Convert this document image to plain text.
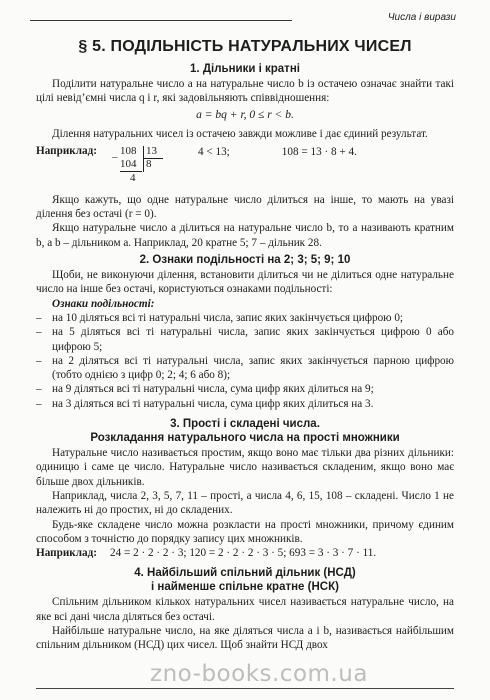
Числа і вирази
§ 5. ПОДІЛЬНІСТЬ НАТУРАЛЬНИХ ЧИСЕЛ
1. Дільники і кратні

Поділити натуральне число a на натуральне число b із остачею означає знайти такі цілі невід’ємні числа q і r, які задовільняють співвідношення:

a = bq + r, 0 ≤ r < b.

Ділення натуральних чисел із остачею завжди можливе і дає єдиний результат.

Наприклад:	– 108 13
104 8
4
4 < 13;	108 = 13 · 8 + 4.

Якщо кажуть, що одне натуральне число ділиться на інше, то мають на увазі ділення без остачі (r = 0).

Якщо натуральне число a ділиться на натуральне число b, то a називають кратним b, а b – дільником a. Наприклад, 20 кратне 5; 7 – дільник 28.

2. Ознаки подільності на 2; 3; 5; 9; 10

Щоби, не виконуючи ділення, встановити ділиться чи не ділиться одне натуральне число на інше без остачі, користуються ознаками подільності:

Ознаки подільності:
– на 10 діляться всі ті натуральні числа, запис яких закінчується цифрою 0;
– на 5 діляться всі ті натуральні числа, запис яких закінчується цифрою 0 або цифрою 5;
– на 2 діляться всі ті натуральні числа, запис яких закінчується парною цифрою (тобто однією з цифр 0; 2; 4; 6 або 8);
– на 9 діляться всі ті натуральні числа, сума цифр яких ділиться на 9;
– на 3 діляться всі ті натуральні числа, сума цифр яких ділиться на 3.
3. Прості і складені числа.
Розкладання натурального числа на прості множники

Натуральне число називається простим, якщо воно має тільки два різних дільники: одиницю і саме це число. Натуральне число називається складеним, якщо воно має більше двох дільників.

Наприклад, числа 2, 3, 5, 7, 11 – прості, а числа 4, 6, 15, 108 – складені. Число 1 не належить ні до простих, ні до складених.

Будь-яке складене число можна розкласти на прості множники, причому єдиним способом з точністю до порядку запису цих множників.

Наприклад:	24 = 2 · 2 · 2 · 3; 120 = 2 · 2 · 2 · 3 · 5; 693 = 3 · 3 · 7 · 11.
4. Найбільший спільний дільник (НСД)
і найменше спільне кратне (НСК)

Спільним дільником кількох натуральних чисел називається натуральне число, на яке всі дані числа діляться без остачі.

Найбільше натуральне число, на яке діляться числа a і b, називається найбільшим спільним дільником (НСД) цих чисел. Щоб знайти НСД двох

zno-books.com.ua
